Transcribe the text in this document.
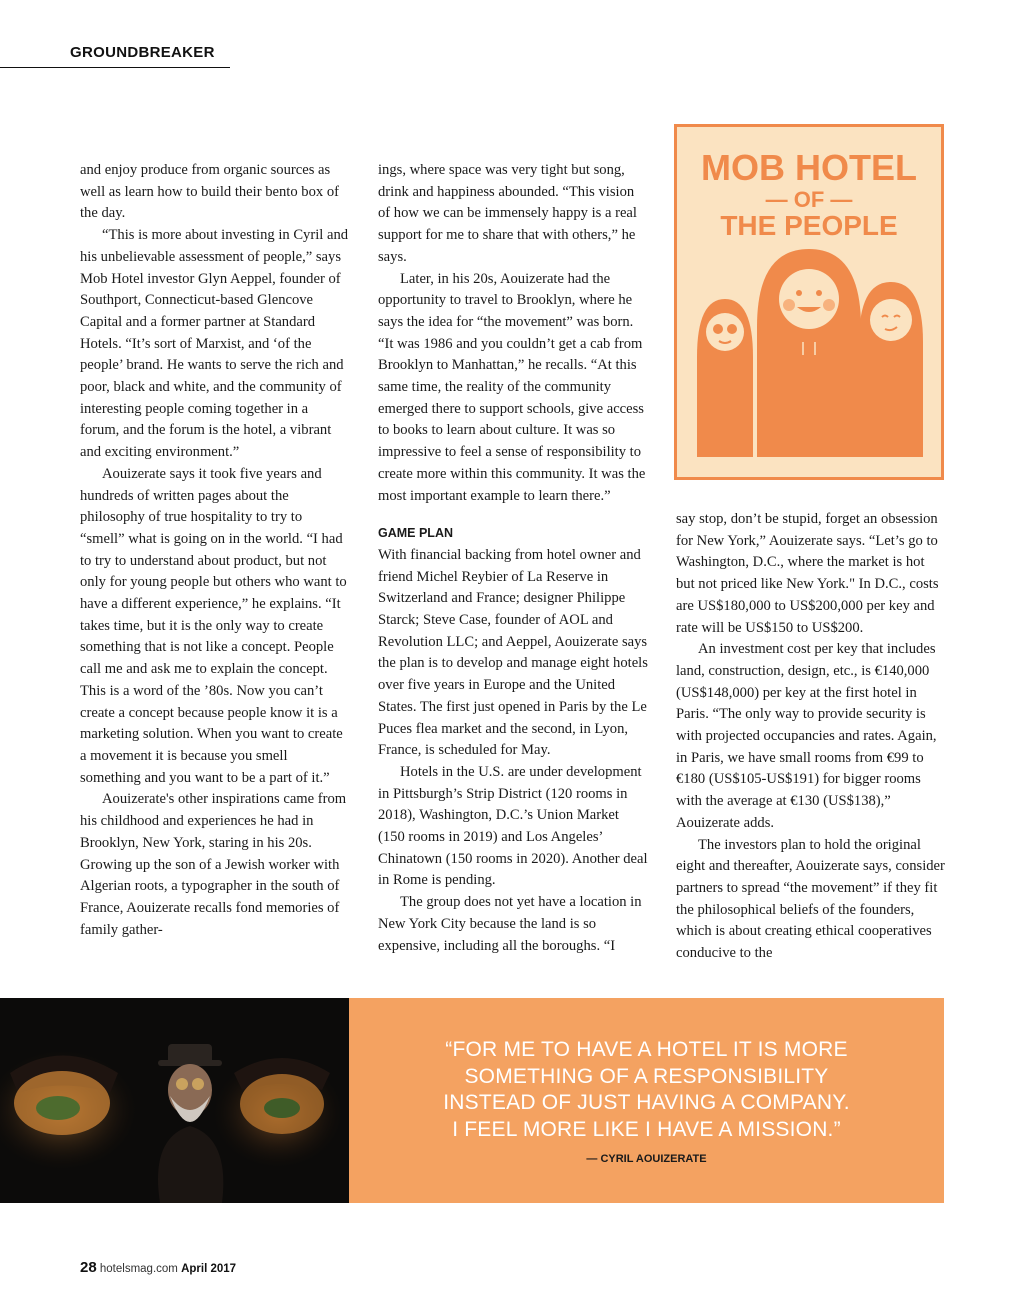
GROUNDBREAKER

and enjoy produce from organic sources as well as learn how to build their bento box of the day.

“This is more about investing in Cyril and his unbelievable assessment of people,” says Mob Hotel investor Glyn Aeppel, founder of Southport, Connecticut-based Glencove Capital and a former partner at Standard Hotels. “It’s sort of Marxist, and ‘of the people’ brand. He wants to serve the rich and poor, black and white, and the community of interesting people coming together in a forum, and the forum is the hotel, a vibrant and exciting environment.”

Aouizerate says it took five years and hundreds of written pages about the philosophy of true hospitality to try to “smell” what is going on in the world. “I had to try to understand about product, but not only for young people but others who want to have a different experience,” he explains. “It takes time, but it is the only way to create something that is not like a concept. People call me and ask me to explain the concept. This is a word of the ’80s. Now you can’t create a concept because people know it is a marketing solution. When you want to create a movement it is because you smell something and you want to be a part of it.”

Aouizerate's other inspirations came from his childhood and experiences he had in Brooklyn, New York, staring in his 20s. Growing up the son of a Jewish worker with Algerian roots, a typographer in the south of France, Aouizerate recalls fond memories of family gather-

ings, where space was very tight but song, drink and happiness abounded. “This vision of how we can be immensely happy is a real support for me to share that with others,” he says.

Later, in his 20s, Aouizerate had the opportunity to travel to Brooklyn, where he says the idea for “the movement” was born. “It was 1986 and you couldn’t get a cab from Brooklyn to Manhattan,” he recalls. “At this same time, the reality of the community emerged there to support schools, give access to books to learn about culture. It was so impressive to feel a sense of responsibility to create more within this community. It was the most important example to learn there.”

GAME PLAN

With financial backing from hotel owner and friend Michel Reybier of La Reserve in Switzerland and France; designer Philippe Starck; Steve Case, founder of AOL and Revolution LLC; and Aeppel, Aouizerate says the plan is to develop and manage eight hotels over five years in Europe and the United States. The first just opened in Paris by the Le Puces flea market and the second, in Lyon, France, is scheduled for May.

Hotels in the U.S. are under development in Pittsburgh’s Strip District (120 rooms in 2018), Washington, D.C.’s Union Market (150 rooms in 2019) and Los Angeles’ Chinatown (150 rooms in 2020). Another deal in Rome is pending.

The group does not yet have a location in New York City because the land is so expensive, including all the boroughs. “I

MOB HOTEL
— OF —
THE PEOPLE

say stop, don’t be stupid, forget an obsession for New York,” Aouizerate says. “Let’s go to Washington, D.C., where the market is hot but not priced like New York." In D.C., costs are US$180,000 to US$200,000 per key and rate will be US$150 to US$200.

An investment cost per key that includes land, construction, design, etc., is €140,000 (US$148,000) per key at the first hotel in Paris. “The only way to provide security is with projected occupancies and rates. Again, in Paris, we have small rooms from €99 to €180 (US$105-US$191) for bigger rooms with the average at €130 (US$138),” Aouizerate adds.

The investors plan to hold the original eight and thereafter, Aouizerate says, consider partners to spread “the movement” if they fit the philosophical beliefs of the founders, which is about creating ethical cooperatives conducive to the

“FOR ME TO HAVE A HOTEL IT IS MORE
SOMETHING OF A RESPONSIBILITY
INSTEAD OF JUST HAVING A COMPANY.
I FEEL MORE LIKE I HAVE A MISSION.”
— CYRIL AOUIZERATE
28 hotelsmag.com April 2017
